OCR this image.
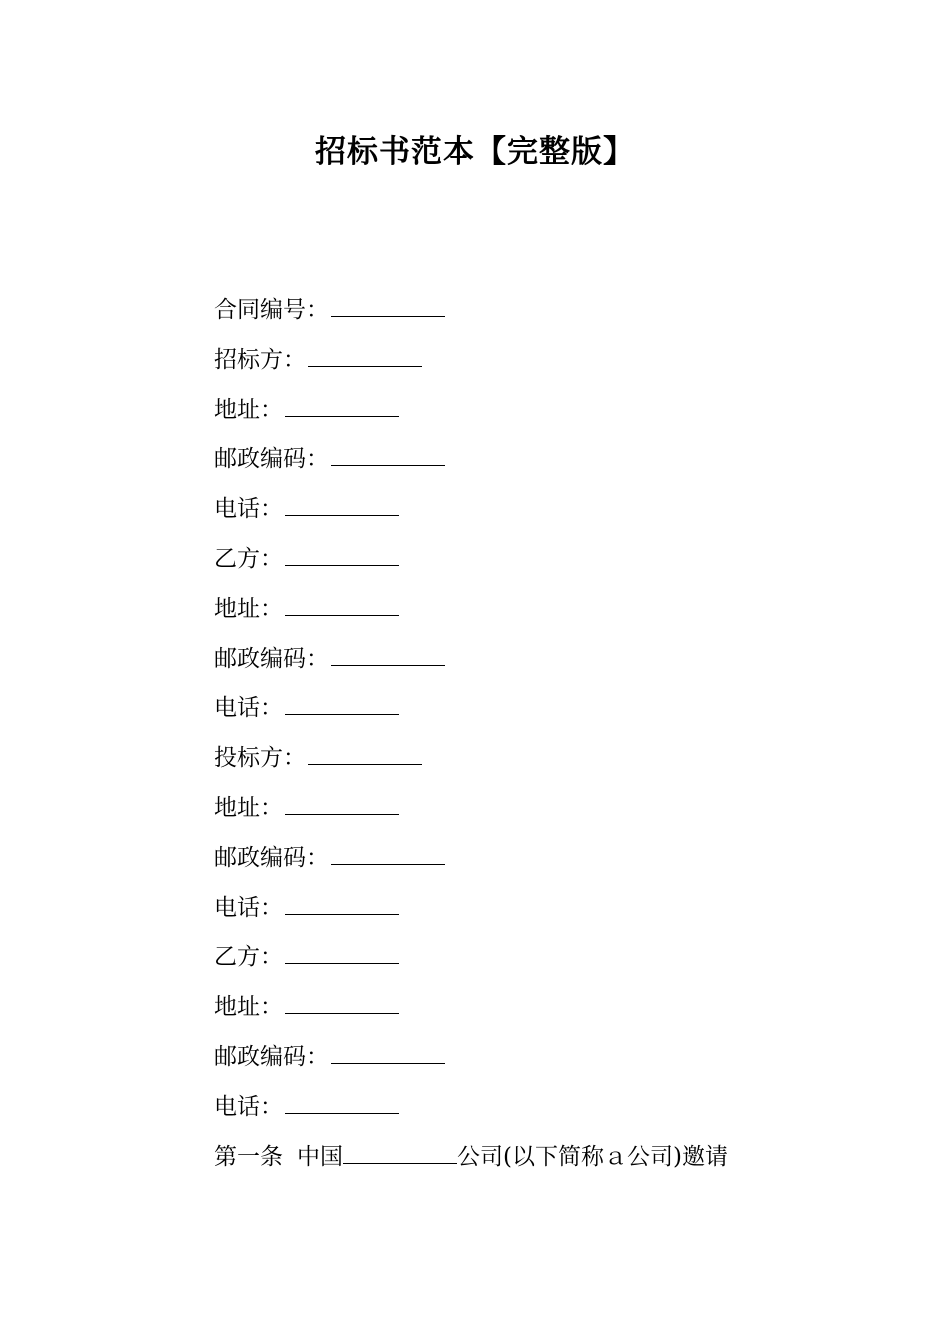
招标书范本【完整版】
合同编号：
招标方：
地址：
邮政编码：
电话：
乙方：
地址：
邮政编码：
电话：
投标方：
地址：
邮政编码：
电话：
乙方：
地址：
邮政编码：
电话：
第一条 中国	公司(以下简称ａ公司)邀请
